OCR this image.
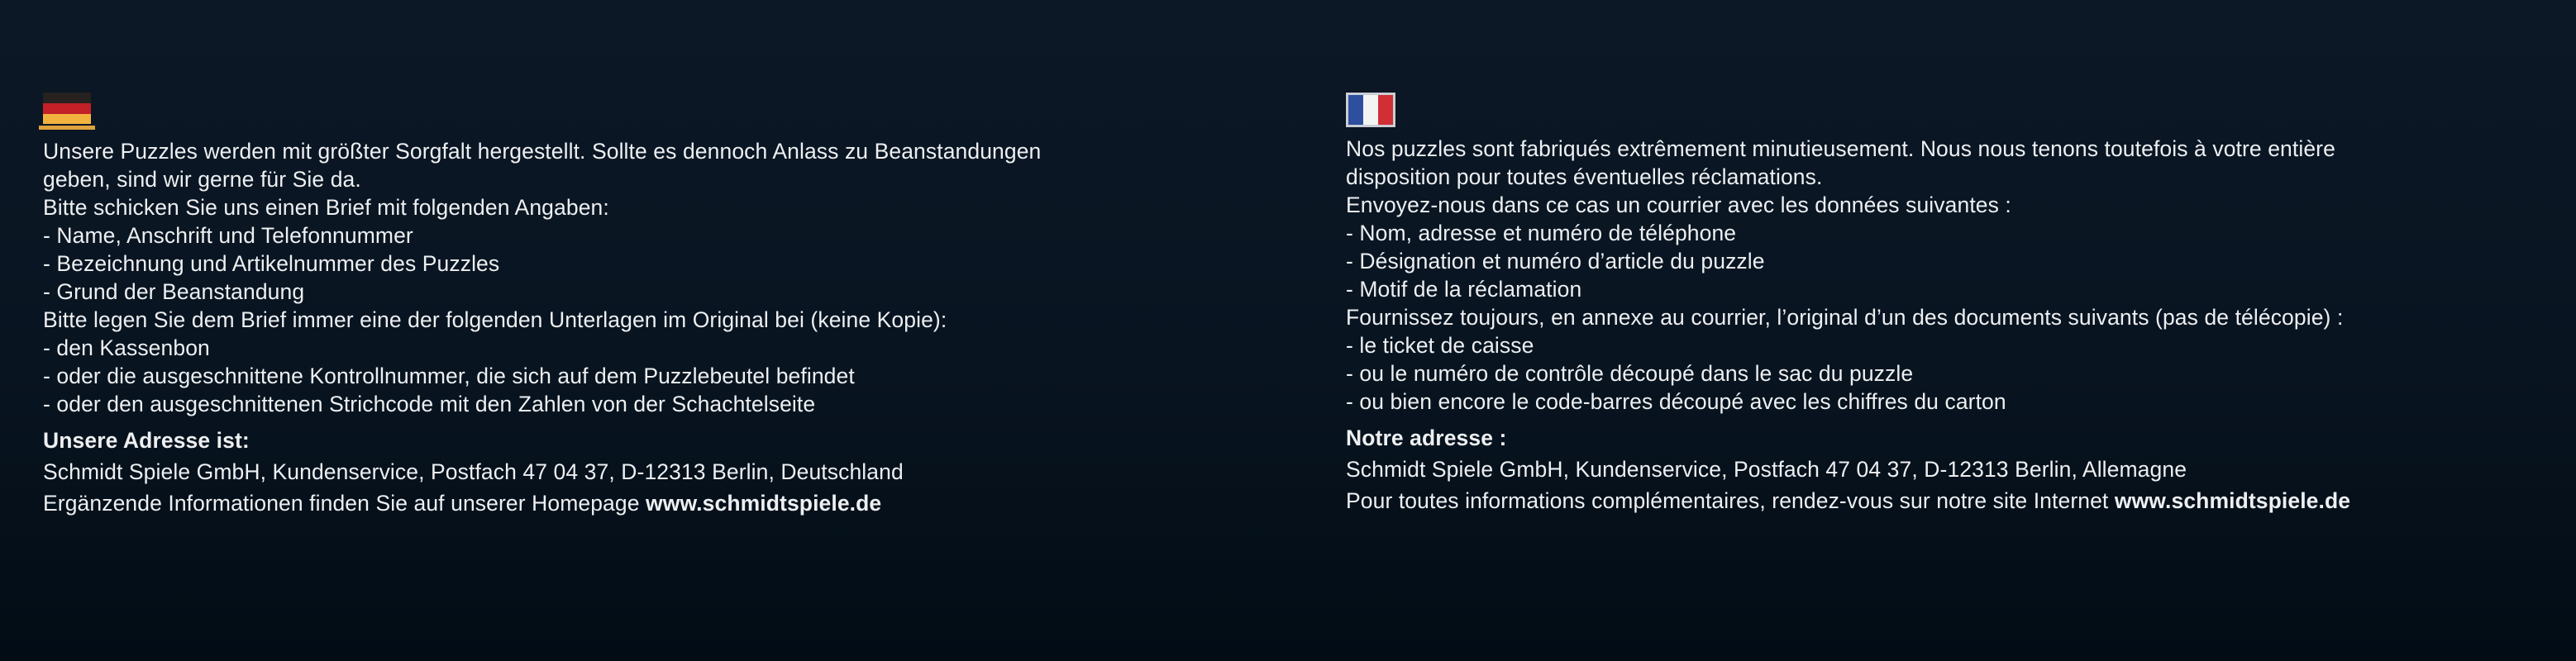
Unsere Puzzles werden mit größter Sorgfalt hergestellt. Sollte es dennoch Anlass zu Beanstandungen
geben, sind wir gerne für Sie da.
Bitte schicken Sie uns einen Brief mit folgenden Angaben:
- Name, Anschrift und Telefonnummer
- Bezeichnung und Artikelnummer des Puzzles
- Grund der Beanstandung
Bitte legen Sie dem Brief immer eine der folgenden Unterlagen im Original bei (keine Kopie):
- den Kassenbon
- oder die ausgeschnittene Kontrollnummer, die sich auf dem Puzzlebeutel befindet
- oder den ausgeschnittenen Strichcode mit den Zahlen von der Schachtelseite
Unsere Adresse ist:
Schmidt Spiele GmbH, Kundenservice, Postfach 47 04 37, D-12313 Berlin, Deutschland
Ergänzende Informationen finden Sie auf unserer Homepage www.schmidtspiele.de
Nos puzzles sont fabriqués extrêmement minutieusement. Nous nous tenons toutefois à votre entière
disposition pour toutes éventuelles réclamations.
Envoyez-nous dans ce cas un courrier avec les données suivantes :
- Nom, adresse et numéro de téléphone
- Désignation et numéro d’article du puzzle
- Motif de la réclamation
Fournissez toujours, en annexe au courrier, l’original d’un des documents suivants (pas de télécopie) :
- le ticket de caisse
- ou le numéro de contrôle découpé dans le sac du puzzle
- ou bien encore le code-barres découpé avec les chiffres du carton
Notre adresse :
Schmidt Spiele GmbH, Kundenservice, Postfach 47 04 37, D-12313 Berlin, Allemagne
Pour toutes informations complémentaires, rendez-vous sur notre site Internet www.schmidtspiele.de
